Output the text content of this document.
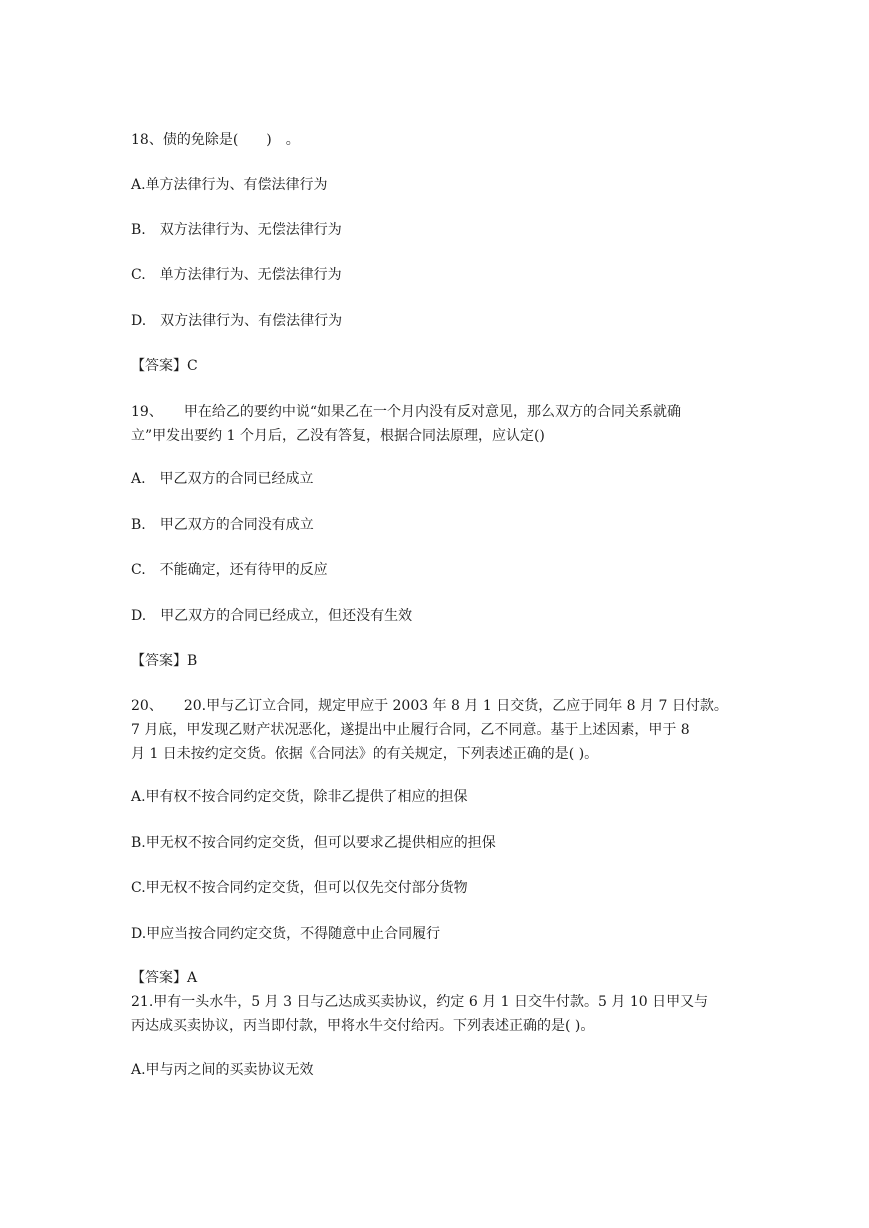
18、债的免除是(　　)　。
A.单方法律行为、有偿法律行为
B.　双方法律行为、无偿法律行为
C.　单方法律行为、无偿法律行为
D.　双方法律行为、有偿法律行为
【答案】C
19、　　甲在给乙的要约中说“如果乙在一个月内没有反对意见，那么双方的合同关系就确
立”甲发出要约 1 个月后，乙没有答复，根据合同法原理，应认定()
A.　甲乙双方的合同已经成立
B.　甲乙双方的合同没有成立
C.　不能确定，还有待甲的反应
D.　甲乙双方的合同已经成立，但还没有生效
【答案】B
20、　　20.甲与乙订立合同，规定甲应于 2003 年 8 月 1 日交货，乙应于同年 8 月 7 日付款。
7 月底，甲发现乙财产状况恶化，遂提出中止履行合同，乙不同意。基于上述因素，甲于 8
月 1 日未按约定交货。依据《合同法》的有关规定，下列表述正确的是( )。
A.甲有权不按合同约定交货，除非乙提供了相应的担保
B.甲无权不按合同约定交货，但可以要求乙提供相应的担保
C.甲无权不按合同约定交货，但可以仅先交付部分货物
D.甲应当按合同约定交货，不得随意中止合同履行
【答案】A
21.甲有一头水牛，5 月 3 日与乙达成买卖协议，约定 6 月 1 日交牛付款。5 月 10 日甲又与
丙达成买卖协议，丙当即付款，甲将水牛交付给丙。下列表述正确的是( )。
A.甲与丙之间的买卖协议无效
